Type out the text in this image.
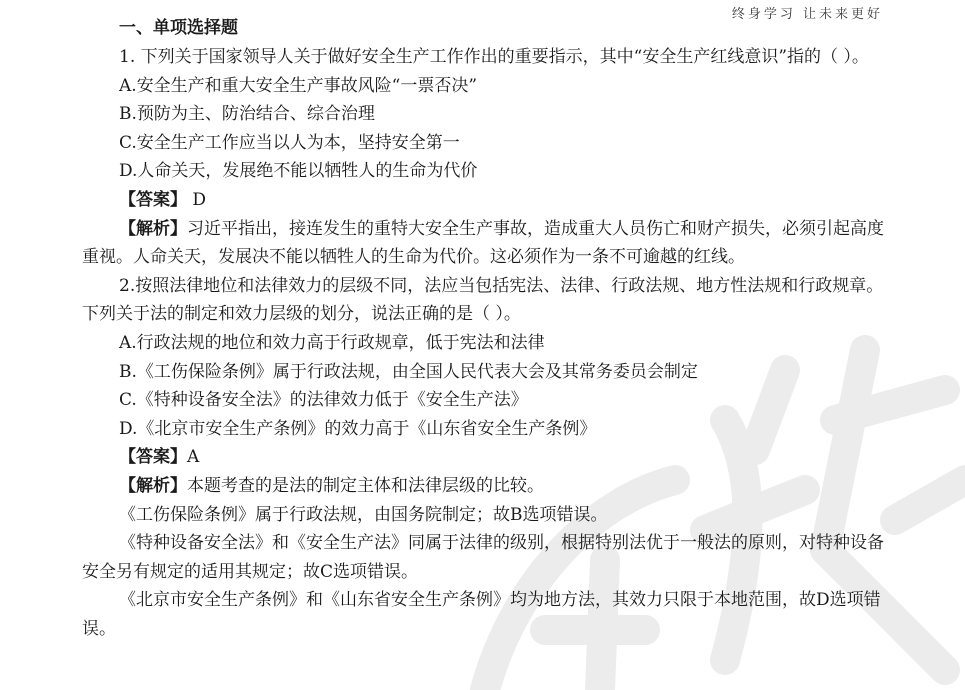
终身学习 让未来更好
一、单项选择题

1. 下列关于国家领导人关于做好安全生产工作作出的重要指示，其中“安全生产红线意识”指的（ ）。

A.安全生产和重大安全生产事故风险“一票否决”

B.预防为主、防治结合、综合治理

C.安全生产工作应当以人为本，坚持安全第一

D.人命关天，发展绝不能以牺牲人的生命为代价

【答案】 D

【解析】习近平指出，接连发生的重特大安全生产事故，造成重大人员伤亡和财产损失，必须引起高度重视。人命关天，发展决不能以牺牲人的生命为代价。这必须作为一条不可逾越的红线。

2.按照法律地位和法律效力的层级不同，法应当包括宪法、法律、行政法规、地方性法规和行政规章。下列关于法的制定和效力层级的划分，说法正确的是（ ）。

A.行政法规的地位和效力高于行政规章，低于宪法和法律

B.《工伤保险条例》属于行政法规，由全国人民代表大会及其常务委员会制定

C.《特种设备安全法》的法律效力低于《安全生产法》

D.《北京市安全生产条例》的效力高于《山东省安全生产条例》

【答案】A

【解析】本题考查的是法的制定主体和法律层级的比较。

《工伤保险条例》属于行政法规，由国务院制定；故B选项错误。

《特种设备安全法》和《安全生产法》同属于法律的级别，根据特别法优于一般法的原则，对特种设备安全另有规定的适用其规定；故C选项错误。

《北京市安全生产条例》和《山东省安全生产条例》均为地方法，其效力只限于本地范围，故D选项错误。
